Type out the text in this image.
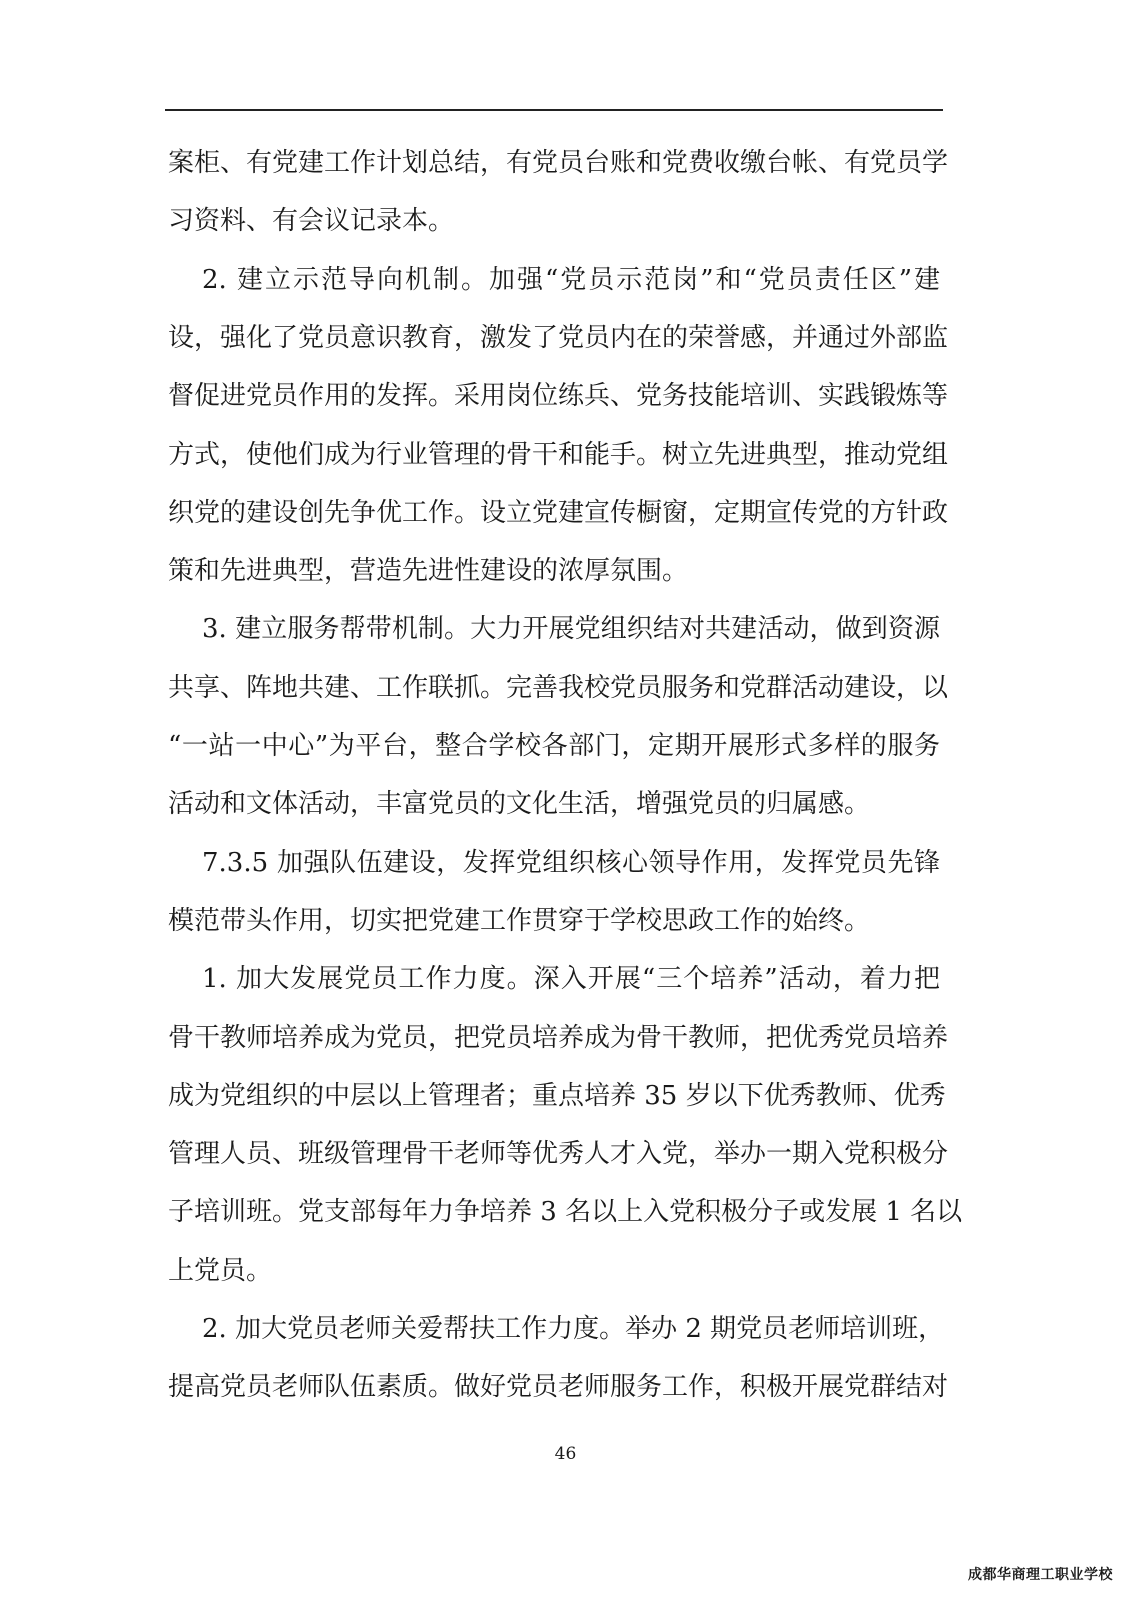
案柜、有党建工作计划总结，有党员台账和党费收缴台帐、有党员学
习资料、有会议记录本。
2. 建立示范导向机制。加强“党员示范岗”和“党员责任区”建
设，强化了党员意识教育，激发了党员内在的荣誉感，并通过外部监
督促进党员作用的发挥。采用岗位练兵、党务技能培训、实践锻炼等
方式，使他们成为行业管理的骨干和能手。树立先进典型，推动党组
织党的建设创先争优工作。设立党建宣传橱窗，定期宣传党的方针政
策和先进典型，营造先进性建设的浓厚氛围。
3. 建立服务帮带机制。大力开展党组织结对共建活动，做到资源
共享、阵地共建、工作联抓。完善我校党员服务和党群活动建设，以
“一站一中心”为平台，整合学校各部门，定期开展形式多样的服务
活动和文体活动，丰富党员的文化生活，增强党员的归属感。
7.3.5 加强队伍建设，发挥党组织核心领导作用，发挥党员先锋
模范带头作用，切实把党建工作贯穿于学校思政工作的始终。
1. 加大发展党员工作力度。深入开展“三个培养”活动，着力把
骨干教师培养成为党员，把党员培养成为骨干教师，把优秀党员培养
成为党组织的中层以上管理者；重点培养 35 岁以下优秀教师、优秀
管理人员、班级管理骨干老师等优秀人才入党，举办一期入党积极分
子培训班。党支部每年力争培养 3 名以上入党积极分子或发展 1 名以
上党员。
2. 加大党员老师关爱帮扶工作力度。举办 2 期党员老师培训班，
提高党员老师队伍素质。做好党员老师服务工作，积极开展党群结对
46
成都华商理工职业学校
